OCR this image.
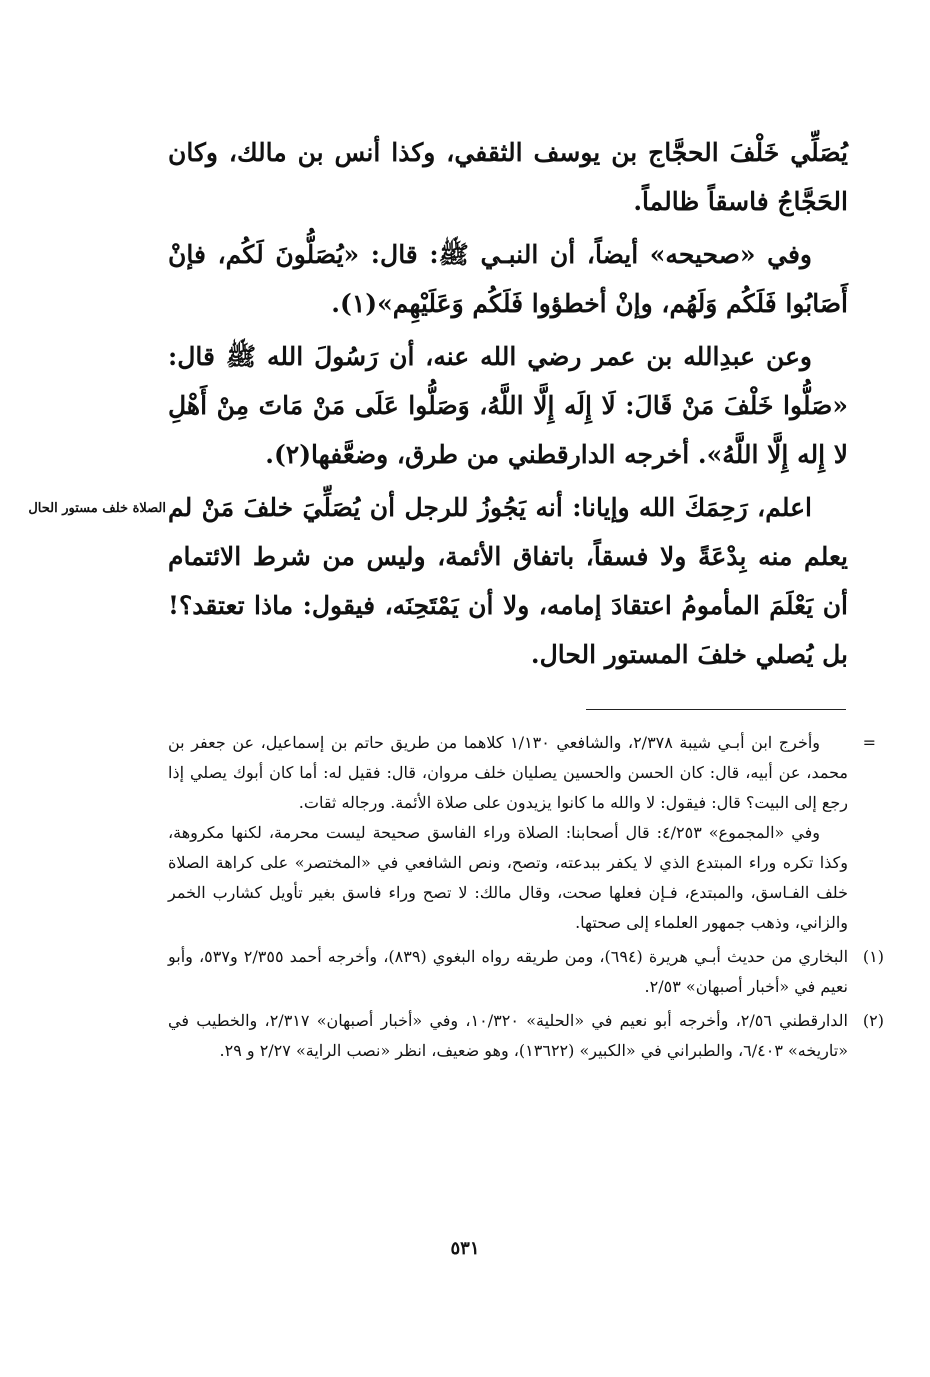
يُصَلِّي خَلْفَ الحجَّاج بن يوسف الثقفي، وكذا أنس بن مالك، وكان الحَجَّاجُ فاسقاً ظالماً.

وفي «صحيحه» أيضاً، أن النبـي ﷺ: قال: «يُصَلُّونَ لَكُم، فإنْ أَصَابُوا فَلَكُم وَلَهُم، وإنْ أخطؤوا فَلَكُم وَعَلَيْهِم»(١).

وعن عبدِالله بن عمر رضي الله عنه، أن رَسُولَ الله ﷺ قال: «صَلُّوا خَلْفَ مَنْ قَالَ: لَا إِلَه إِلَّا اللَّهُ، وَصَلُّوا عَلَى مَنْ مَاتَ مِنْ أَهْلِ لا إِله إِلَّا اللَّهُ». أخرجه الدارقطني من طرق، وضعَّفها(٢).

اعلم، رَحِمَكَ الله وإيانا: أنه يَجُوزُ للرجل أن يُصَلِّيَ خلفَ مَنْ لم يعلم منه بِدْعَةً ولا فسقاً، باتفاق الأئمة، وليس من شرط الائتمام أن يَعْلَمَ المأمومُ اعتقادَ إمامه، ولا أن يَمْتَحِنَه، فيقول: ماذا تعتقد؟! بل يُصلي خلفَ المستور الحال.

الصلاة خلف مستور الحال
=

وأخرج ابن أبـي شيبة ٢/٣٧٨، والشافعي ١/١٣٠ كلاهما من طريق حاتم بن إسماعيل، عن جعفر بن محمد، عن أبيه، قال: كان الحسن والحسين يصليان خلف مروان، قال: فقيل له: أما كان أبوك يصلي إذا رجع إلى البيت؟ قال: فيقول: لا والله ما كانوا يزيدون على صلاة الأئمة. ورجاله ثقات.

وفي «المجموع» ٤/٢٥٣: قال أصحابنا: الصلاة وراء الفاسق صحيحة ليست محرمة، لكنها مكروهة، وكذا تكره وراء المبتدع الذي لا يكفر ببدعته، وتصح، ونص الشافعي في «المختصر» على كراهة الصلاة خلف الفـاسق، والمبتدع، فـإن فعلها صحت، وقال مالك: لا تصح وراء فاسق بغير تأويل كشارب الخمر والزاني، وذهب جمهور العلماء إلى صحتها.

(١)
البخاري من حديث أبـي هريرة (٦٩٤)، ومن طريقه رواه البغوي (٨٣٩)، وأخرجه أحمد ٢/٣٥٥ و٥٣٧، وأبو نعيم في «أخبار أصبهان» ٢/٥٣.
(٢)
الدارقطني ٢/٥٦، وأخرجه أبو نعيم في «الحلية» ١٠/٣٢٠، وفي «أخبار أصبهان» ٢/٣١٧، والخطيب في «تاريخه» ٦/٤٠٣، والطبراني في «الكبير» (١٣٦٢٢)، وهو ضعيف، انظر «نصب الراية» ٢/٢٧ و ٢٩.
٥٣١
